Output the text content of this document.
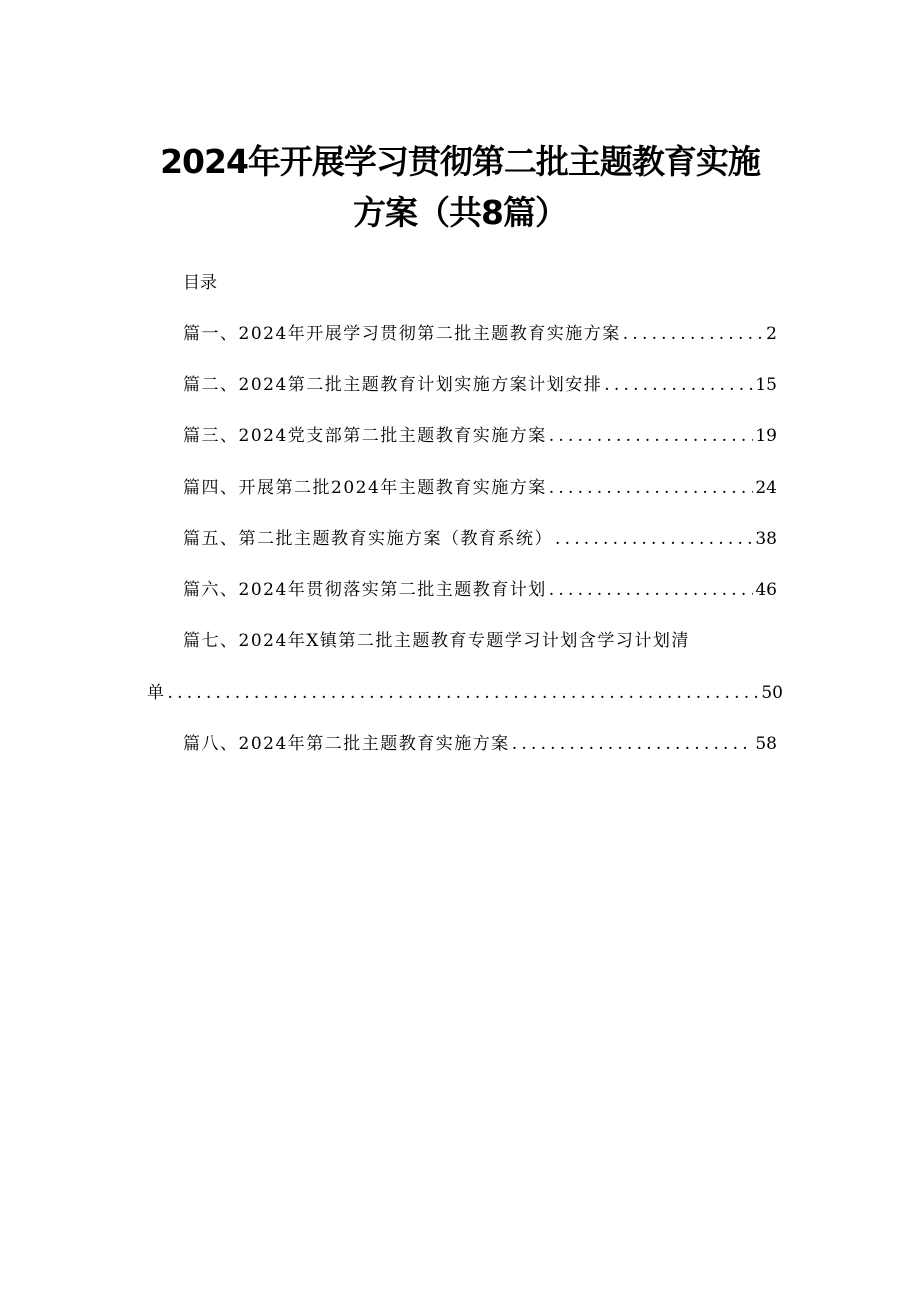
2024年开展学习贯彻第二批主题教育实施
方案（共8篇）
目录
篇一、2024年开展学习贯彻第二批主题教育实施方案 .....	2
篇二、2024第二批主题教育计划实施方案计划安排 .....	15
篇三、2024党支部第二批主题教育实施方案 .....	19
篇四、开展第二批2024年主题教育实施方案 .....	24
篇五、第二批主题教育实施方案（教育系统） .....	38
篇六、2024年贯彻落实第二批主题教育计划 .....	46
篇七、2024年X镇第二批主题教育专题学习计划含学习计划清
单 .....	50
篇八、2024年第二批主题教育实施方案 .....	58
